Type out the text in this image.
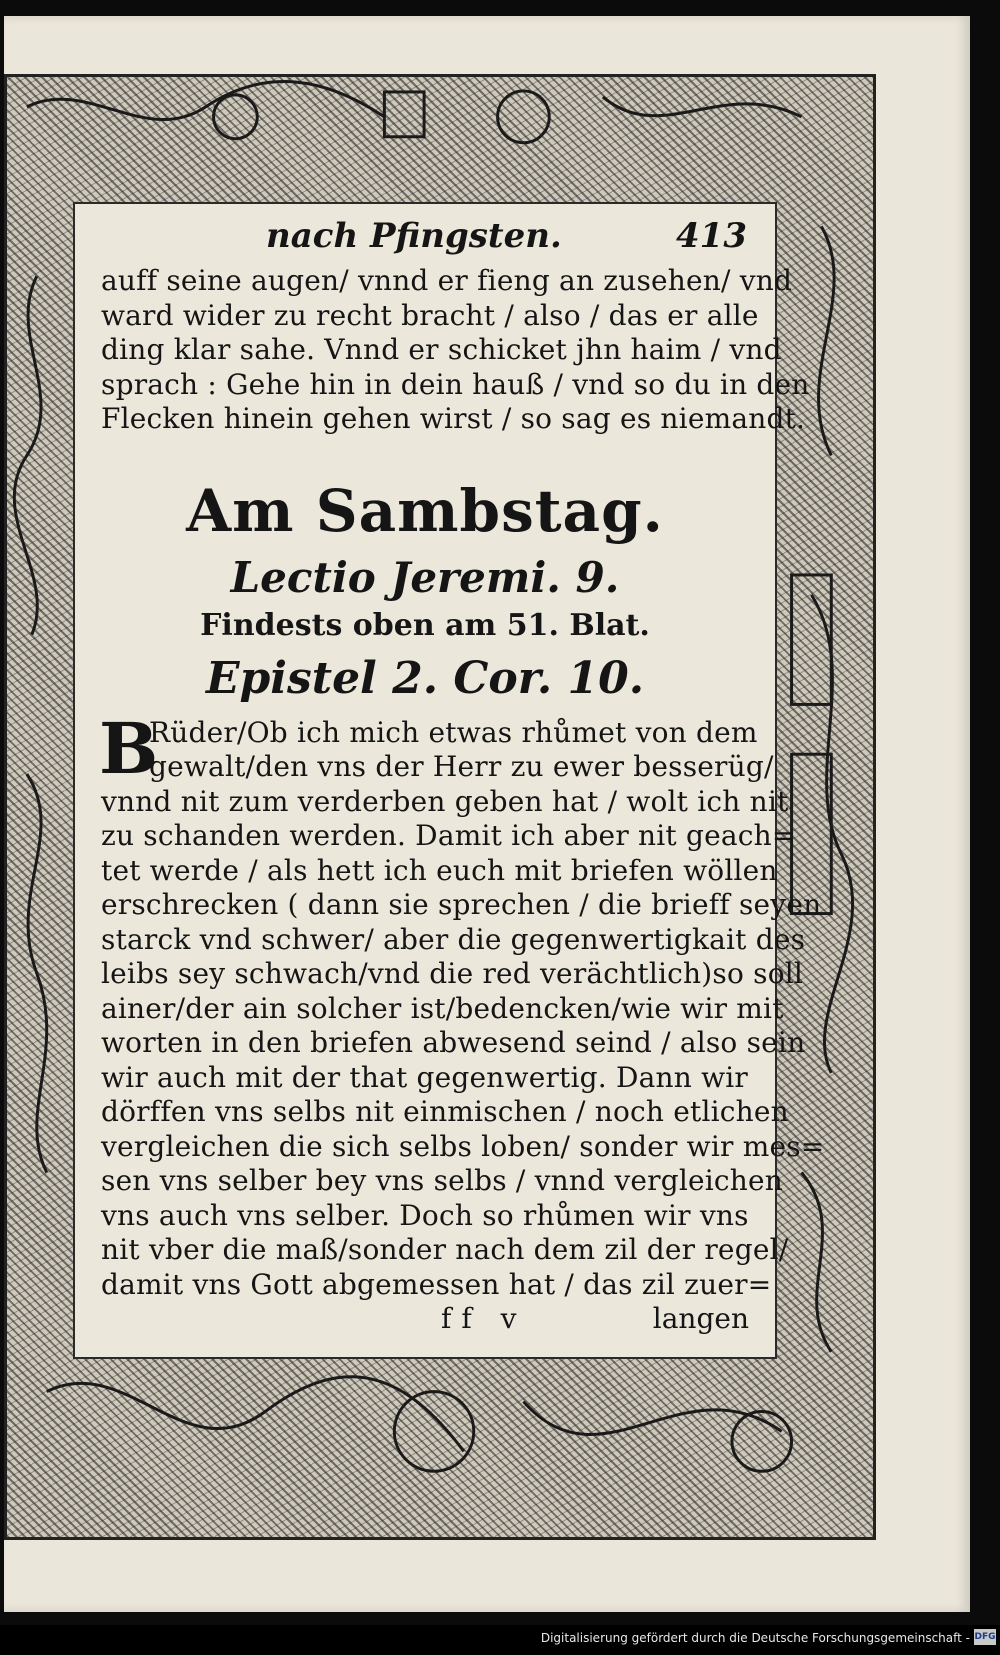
nach Pfingsten.	413
auff seine augen/ vnnd er fieng an zusehen/ vnd
ward wider zu recht bracht / also / das er alle
ding klar sahe. Vnnd er schicket jhn haim / vnd
sprach : Gehe hin in dein hauß / vnd so du in den
Flecken hinein gehen wirst / so sag es niemandt.
Am Sambstag.
Lectio Jeremi. 9.
Findests oben am 51. Blat.
Epistel 2. Cor. 10.
B
Rüder/Ob ich mich etwas rhůmet von dem
gewalt/den vns der Herr zu ewer besserüg/
vnnd nit zum verderben geben hat / wolt ich nit
zu schanden werden. Damit ich aber nit geach=
tet werde / als hett ich euch mit briefen wöllen
erschrecken ( dann sie sprechen / die brieff seyen
starck vnd schwer/ aber die gegenwertigkait des
leibs sey schwach/vnd die red verächtlich)so soll
ainer/der ain solcher ist/bedencken/wie wir mit
worten in den briefen abwesend seind / also sein
wir auch mit der that gegenwertig. Dann wir
dörffen vns selbs nit einmischen / noch etlichen
vergleichen die sich selbs loben/ sonder wir mes=
sen vns selber bey vns selbs / vnnd vergleichen
vns auch vns selber. Doch so rhůmen wir vns
nit vber die maß/sonder nach dem zil der regel/
damit vns Gott abgemessen hat / das zil zuer=
ff v	langen
Digitalisierung gefördert durch die Deutsche Forschungsgemeinschaft - DFG
